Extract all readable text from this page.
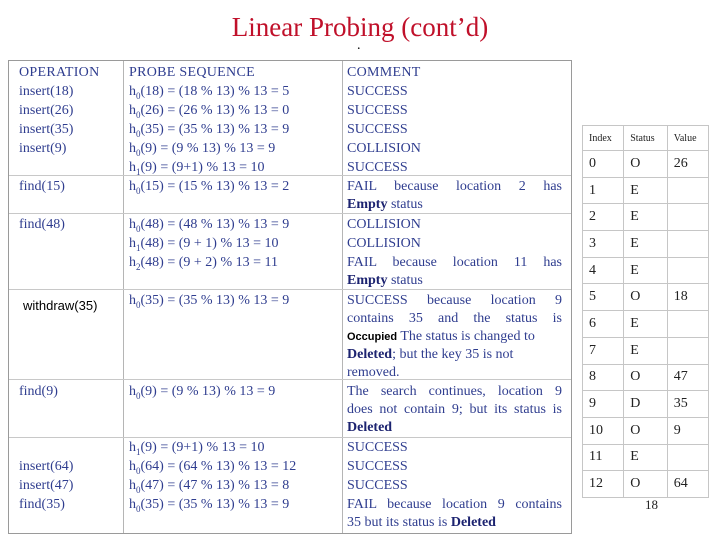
Linear Probing (cont’d)
.
OPERATION PROBE SEQUENCE	COMMENT
insert(18)	$h_0(18) = (18$ % 13) % 13 = 5	SUCCESS
insert(26)	$h_0(26) = (26$ % 13) % 13 = 0	SUCCESS
insert(35)	$h_0(35) = (35$ % 13) % 13 = 9	SUCCESS
insert(9)	$h_0(9) = (9$ % 13) % 13 = 9	COLLISION
$h_1(9) = (9+1)$ % 13 = 10	SUCCESS
find(15)	$h_0(15) = (15$ % 13) % 13 = 2	FAIL because location 2 has
Empty status
find(48)	$h_0(48) = (48$ % 13) % 13 = 9	COLLISION
$h_1(48) = (9 + 1)$ % 13 = 10	COLLISION
$h_2(48) = (9 + 2)$ % 13 = 11	FAIL because location 11 has
Empty status
withdraw(35) $h_0(35) = (35$ % 13) % 13 = 9	SUCCESS because location 9
contains 35 and the status is
Occupied The status is changed to
Deleted; but the key 35 is not
removed.
find(9)	$h_0(9) = (9$ % 13) % 13 = 9	The search continues, location 9
does not contain 9; but its status is
Deleted
$h_1(9) = (9+1)$ % 13 = 10	SUCCESS
insert(64)	$h_0(64) = (64$ % 13) % 13 = 12	SUCCESS
insert(47)	$h_0(47) = (47$ % 13) % 13 = 8	SUCCESS
find(35)	$h_0(35) = (35$ % 13) % 13 = 9	FAIL because location 9 contains
35 but its status is Deleted
Index	Status	Value
0	O	26
1	E	
2	E	
3	E	
4	E	
5	O	18
6	E	
7	E	
8	O	47
9	D	35
10	O	9
11	E	
12	O	64
18
